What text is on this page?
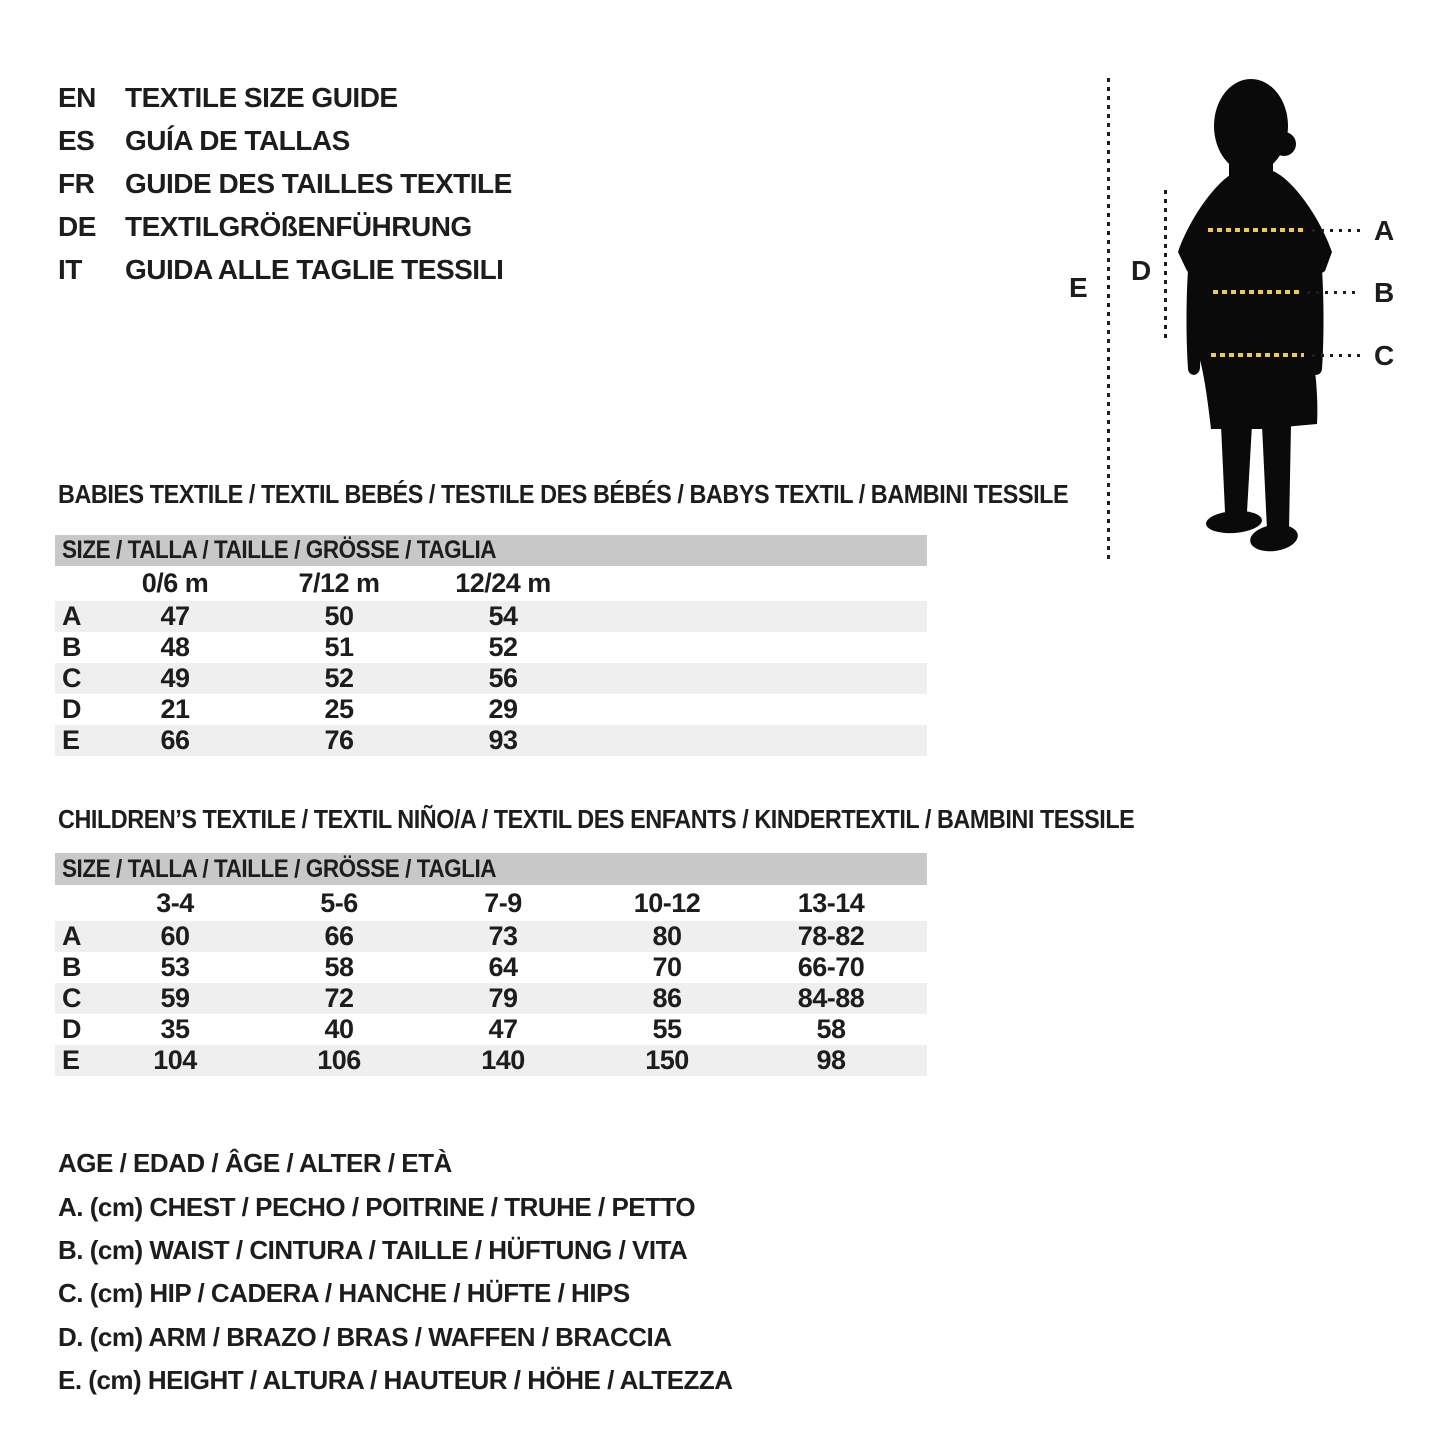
EN	TEXTILE SIZE GUIDE
ES	GUÍA DE TALLAS
FR	GUIDE DES TAILLES TEXTILE
DE	TEXTILGRÖßENFÜHRUNG
IT	GUIDA ALLE TAGLIE TESSILI
A
B
C
D
E
BABIES TEXTILE / TEXTIL BEBÉS / TESTILE DES BÉBÉS / BABYS TEXTIL / BAMBINI TESSILE
SIZE / TALLA / TAILLE / GRÖSSE / TAGLIA
	0/6 m	7/12 m	12/24 m	
A	47	50	54	
B	48	51	52	
C	49	52	56	
D	21	25	29	
E	66	76	93	
CHILDREN’S TEXTILE / TEXTIL NIÑO/A / TEXTIL DES ENFANTS / KINDERTEXTIL / BAMBINI TESSILE
SIZE / TALLA / TAILLE / GRÖSSE / TAGLIA
	3-4	5-6	7-9	10-12	13-14	
A	60	66	73	80	78-82	
B	53	58	64	70	66-70	
C	59	72	79	86	84-88	
D	35	40	47	55	58	
E	104	106	140	150	98	
AGE / EDAD / ÂGE / ALTER / ETÀ
A. (cm) CHEST / PECHO / POITRINE / TRUHE / PETTO
B. (cm) WAIST / CINTURA / TAILLE / HÜFTUNG / VITA
C. (cm) HIP / CADERA / HANCHE / HÜFTE / HIPS
D. (cm) ARM / BRAZO / BRAS / WAFFEN / BRACCIA
E. (cm) HEIGHT / ALTURA / HAUTEUR / HÖHE / ALTEZZA
